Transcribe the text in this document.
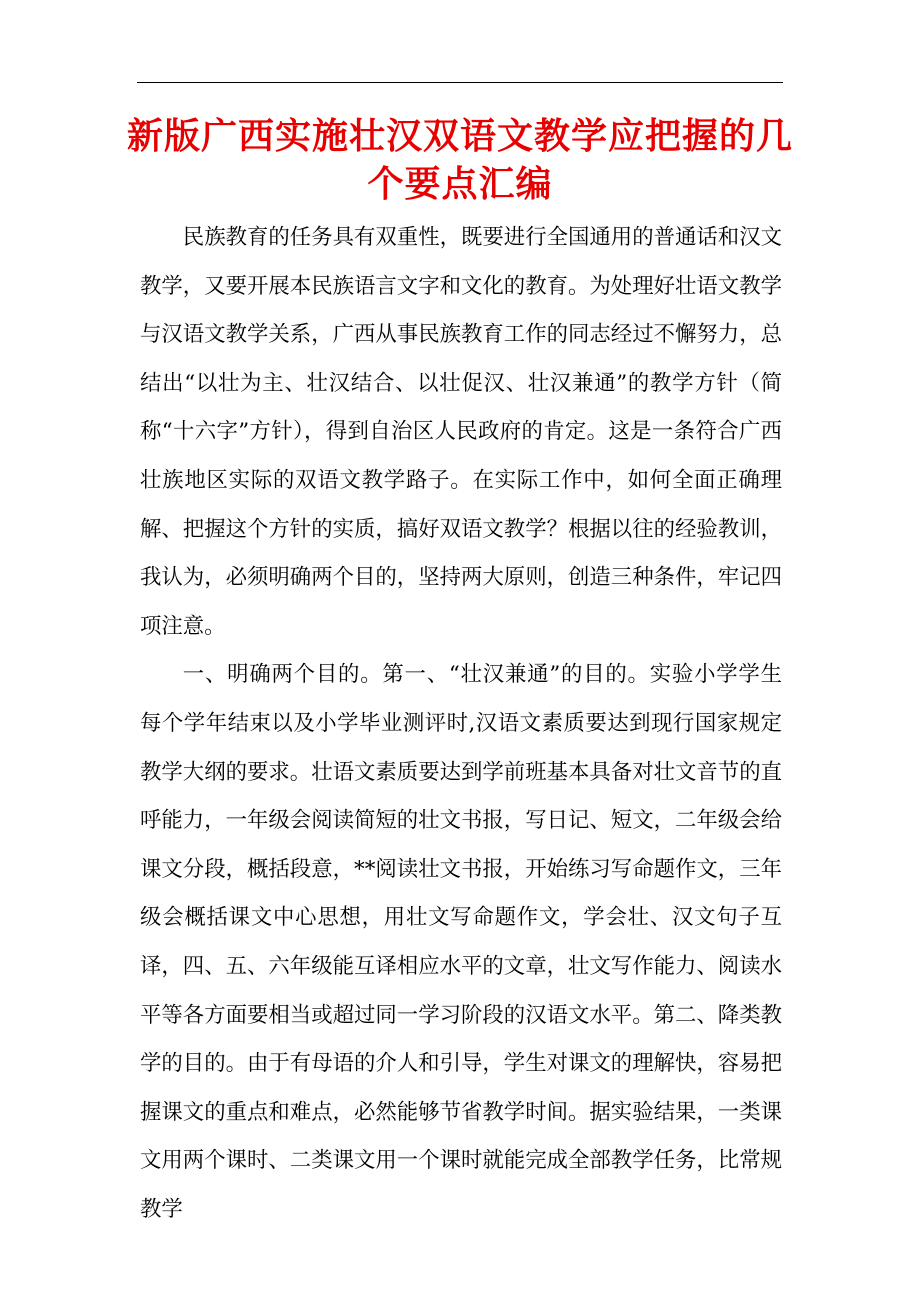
新版广西实施壮汉双语文教学应把握的几个要点汇编

民族教育的任务具有双重性，既要进行全国通用的普通话和汉文教学，又要开展本民族语言文字和文化的教育。为处理好壮语文教学与汉语文教学关系，广西从事民族教育工作的同志经过不懈努力，总结出“以壮为主、壮汉结合、以壮促汉、壮汉兼通”的教学方针（简称“十六字”方针），得到自治区人民政府的肯定。这是一条符合广西壮族地区实际的双语文教学路子。在实际工作中，如何全面正确理解、把握这个方针的实质，搞好双语文教学？根据以往的经验教训，我认为，必须明确两个目的，坚持两大原则，创造三种条件，牢记四项注意。

一、明确两个目的。第一、“壮汉兼通”的目的。实验小学学生每个学年结束以及小学毕业测评时,汉语文素质要达到现行国家规定教学大纲的要求。壮语文素质要达到学前班基本具备对壮文音节的直呼能力，一年级会阅读简短的壮文书报，写日记、短文，二年级会给课文分段，概括段意，**阅读壮文书报，开始练习写命题作文，三年级会概括课文中心思想，用壮文写命题作文，学会壮、汉文句子互译，四、五、六年级能互译相应水平的文章，壮文写作能力、阅读水平等各方面要相当或超过同一学习阶段的汉语文水平。第二、降类教学的目的。由于有母语的介人和引导，学生对课文的理解快，容易把握课文的重点和难点，必然能够节省教学时间。据实验结果，一类课文用两个课时、二类课文用一个课时就能完成全部教学任务，比常规教学
